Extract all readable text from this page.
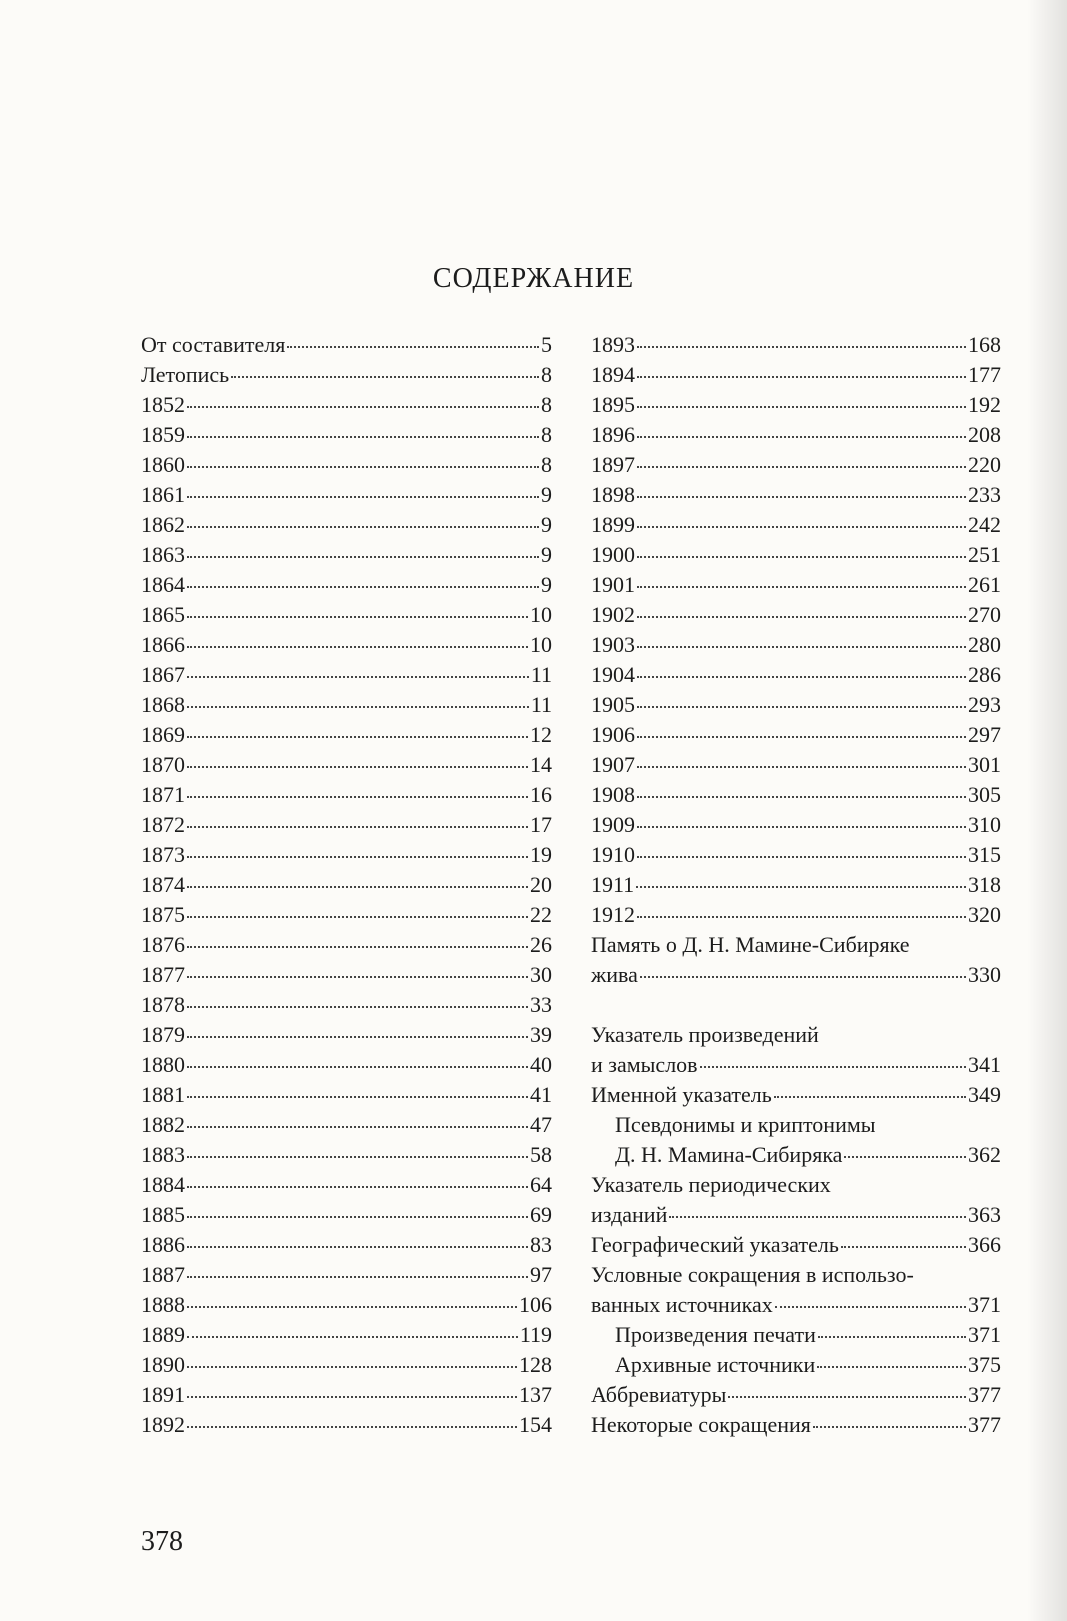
СОДЕРЖАНИЕ
От составителя	5
Летопись	8
1852	8
1859	8
1860	8
1861	9
1862	9
1863	9
1864	9
1865	10
1866	10
1867	11
1868	11
1869	12
1870	14
1871	16
1872	17
1873	19
1874	20
1875	22
1876	26
1877	30
1878	33
1879	39
1880	40
1881	41
1882	47
1883	58
1884	64
1885	69
1886	83
1887	97
1888	106
1889	119
1890	128
1891	137
1892	154
1893	168
1894	177
1895	192
1896	208
1897	220
1898	233
1899	242
1900	251
1901	261
1902	270
1903	280
1904	286
1905	293
1906	297
1907	301
1908	305
1909	310
1910	315
1911	318
1912	320
Память о Д. Н. Мамине-Сибиряке
жива	330
Указатель произведений
и замыслов	341
Именной указатель	349
Псевдонимы и криптонимы
Д. Н. Мамина-Сибиряка	362
Указатель периодических
изданий	363
Географический указатель	366
Условные сокращения в использо-
ванных источниках	371
Произведения печати	371
Архивные источники	375
Аббревиатуры	377
Некоторые сокращения	377
378
